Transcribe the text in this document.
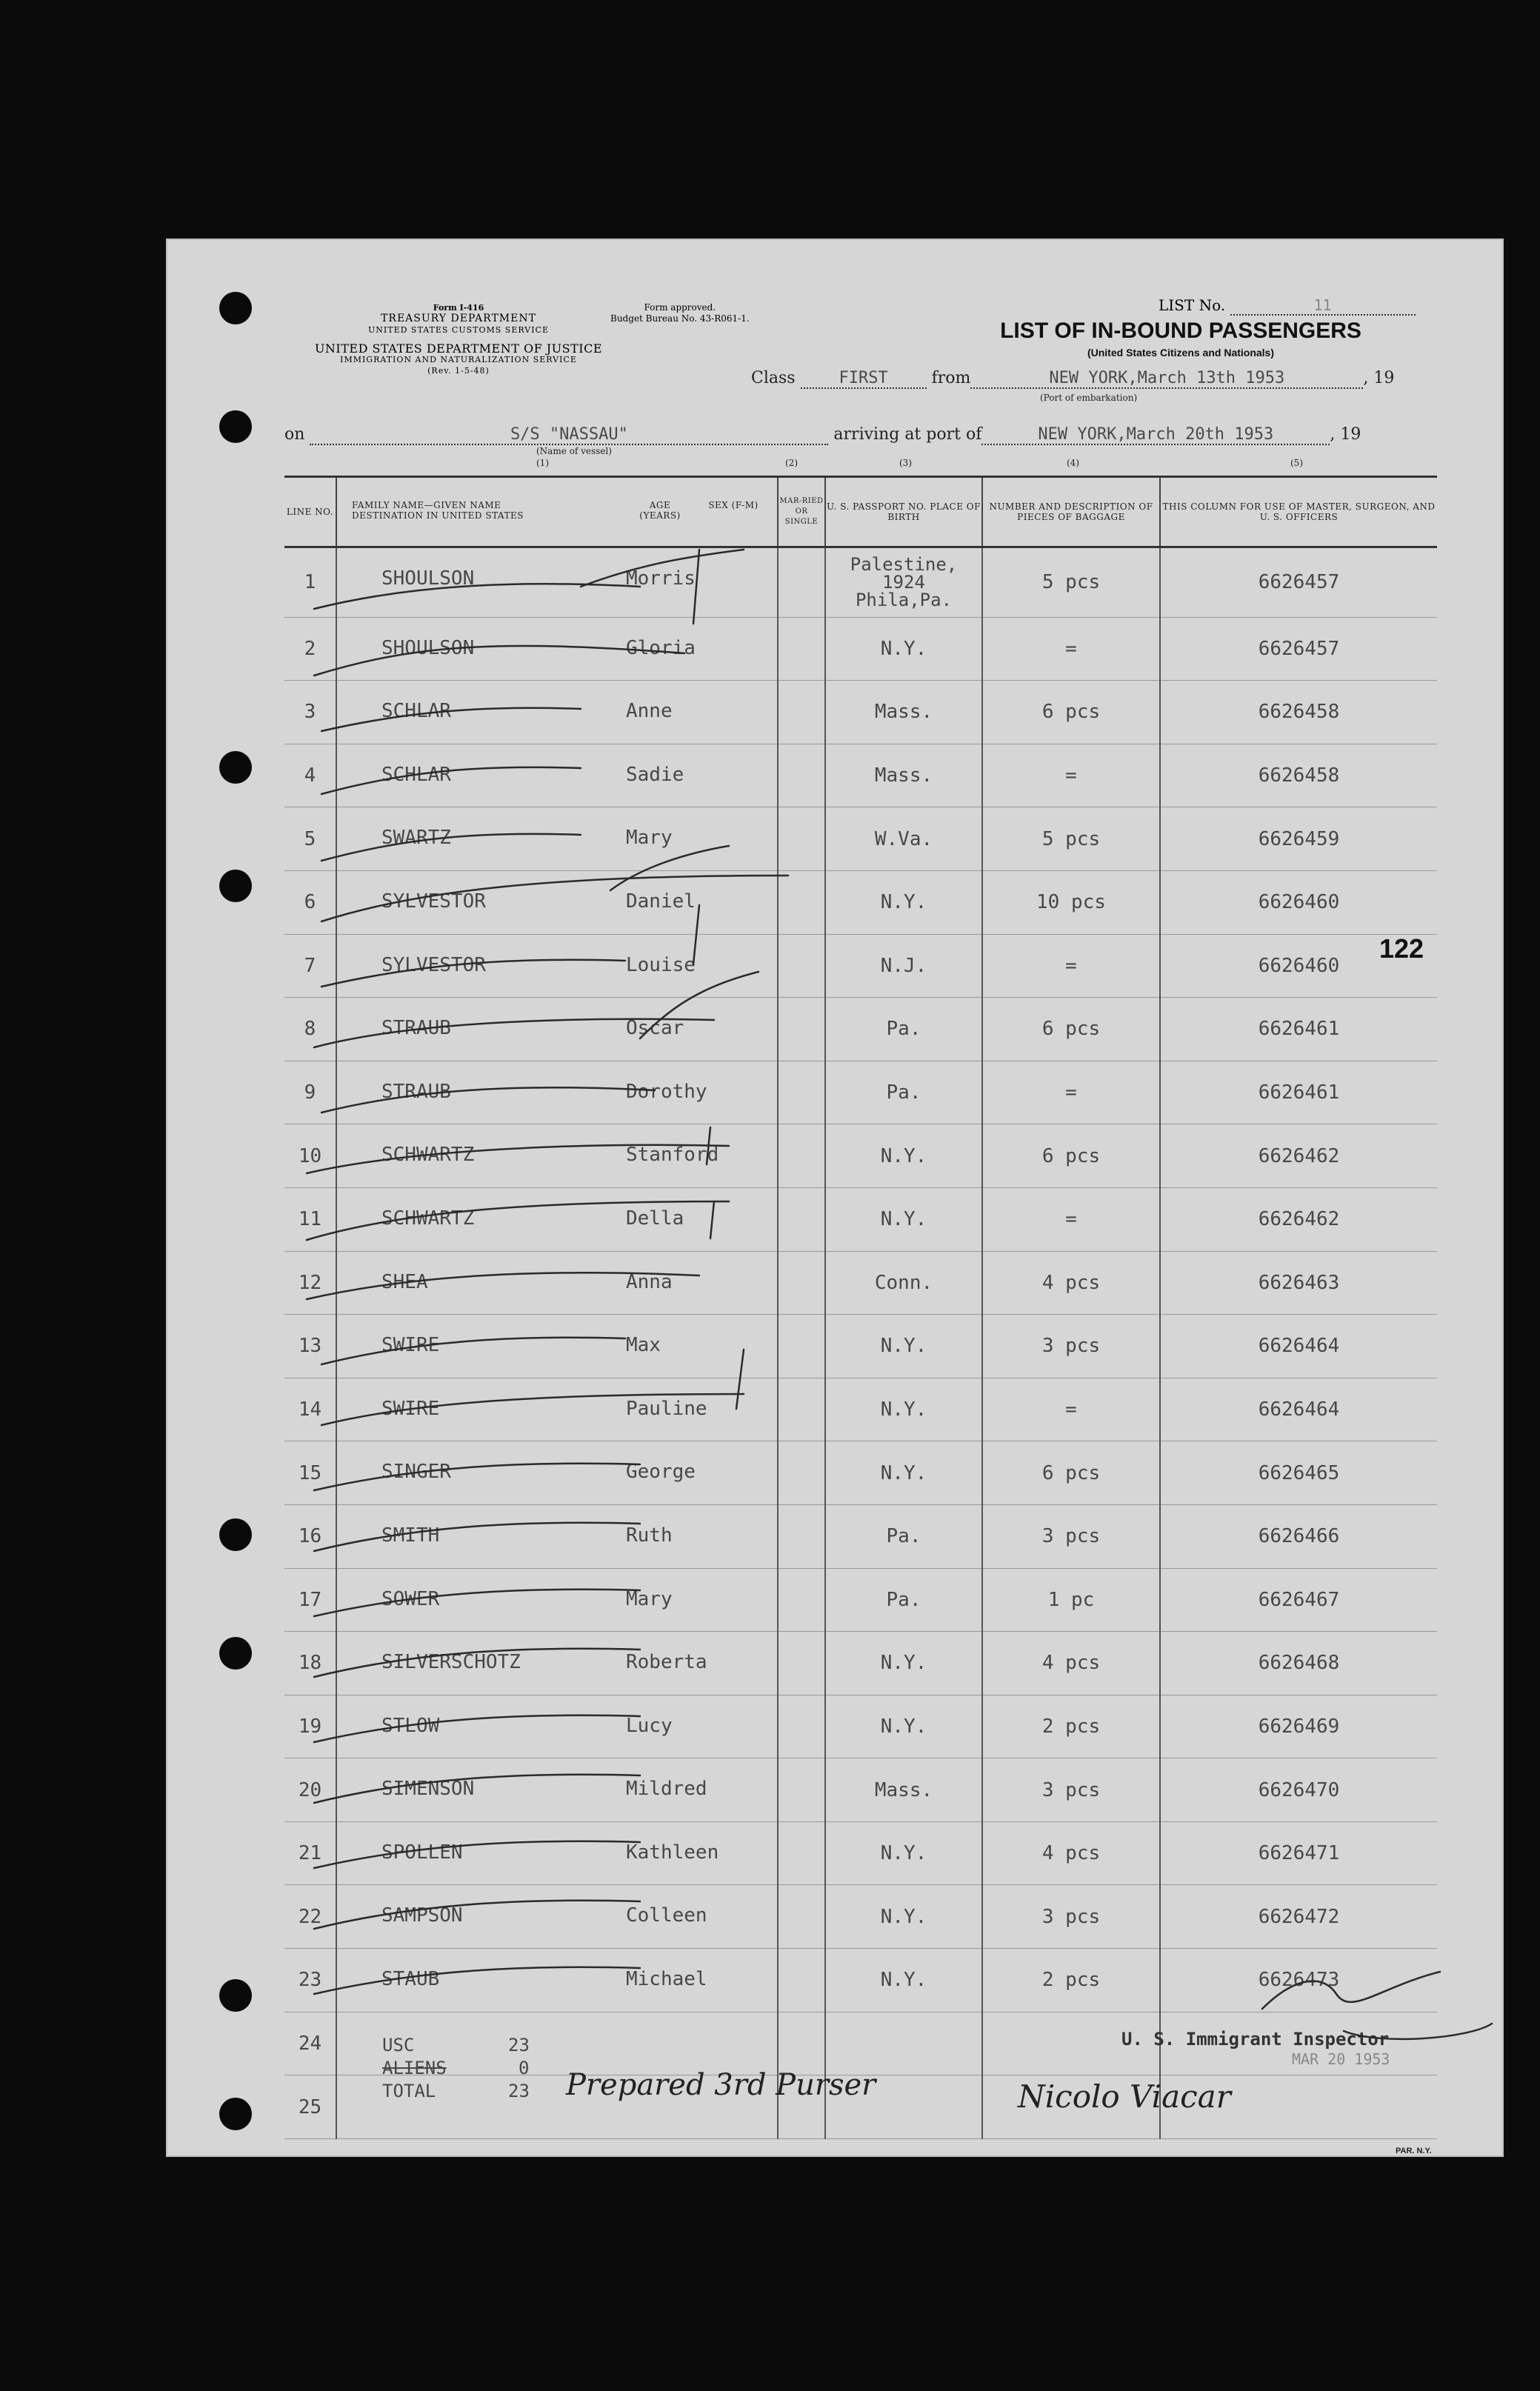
Form I-416
TREASURY DEPARTMENT
UNITED STATES CUSTOMS SERVICE
UNITED STATES DEPARTMENT OF JUSTICE
IMMIGRATION AND NATURALIZATION SERVICE
(Rev. 1-5-48)
Form approved.
Budget Bureau No. 43-R061-1.
LIST No.	11
LIST OF IN-BOUND PASSENGERS
(United States Citizens and Nationals)
Class	FIRST	from	NEW YORK,March 13th 1953	, 19
(Port of embarkation)
on	S/S "NASSAU"	arriving at port of	NEW YORK,March 20th 1953	, 19
(Name of vessel)
(1)	(2)	(3)	(4)	(5)
LINE NO.	FAMILY NAME—GIVEN NAME DESTINATION IN UNITED STATES
AGE (YEARS)
SEX (F-M)	MAR-RIED OR SINGLE	U. S. PASSPORT NO. PLACE OF BIRTH	NUMBER AND DESCRIPTION OF PIECES OF BAGGAGE	THIS COLUMN FOR USE OF MASTER, SURGEON, AND U. S. OFFICERS
1	SHOULSON Morris		Palestine, 1924 Phila,Pa.	5 pcs	6626457
2	SHOULSON Gloria		N.Y.	=	6626457
3	SCHLAR Anne		Mass.	6 pcs	6626458
4	SCHLAR Sadie		Mass.	=	6626458
5	SWARTZ Mary		W.Va.	5 pcs	6626459
6	SYLVESTOR Daniel		N.Y.	10 pcs	6626460
7	SYLVESTOR Louise		N.J.	=	6626460
8	STRAUB Oscar		Pa.	6 pcs	6626461
9	STRAUB Dorothy		Pa.	=	6626461
10	SCHWARTZ Stanford		N.Y.	6 pcs	6626462
11	SCHWARTZ Della		N.Y.	=	6626462
12	SHEA Anna		Conn.	4 pcs	6626463
13	SWIRE Max		N.Y.	3 pcs	6626464
14	SWIRE Pauline		N.Y.	=	6626464
15	SINGER George		N.Y.	6 pcs	6626465
16	SMITH Ruth		Pa.	3 pcs	6626466
17	SOWER Mary		Pa.	1 pc	6626467
18	SILVERSCHOTZ Roberta		N.Y.	4 pcs	6626468
19	STLOW Lucy		N.Y.	2 pcs	6626469
20	SIMENSON Mildred		Mass.	3 pcs	6626470
21	SPOLLEN Kathleen		N.Y.	4 pcs	6626471
22	SAMPSON Colleen		N.Y.	3 pcs	6626472
23	STAUB Michael		N.Y.	2 pcs	6626473
24	

25	

USC	23
ALIENS	0
TOTAL	23 Prepared 3rd Purser	Nicolo Viacar
U. S. Immigrant Inspector
MAR 20 1953
122
PAR. N.Y.
